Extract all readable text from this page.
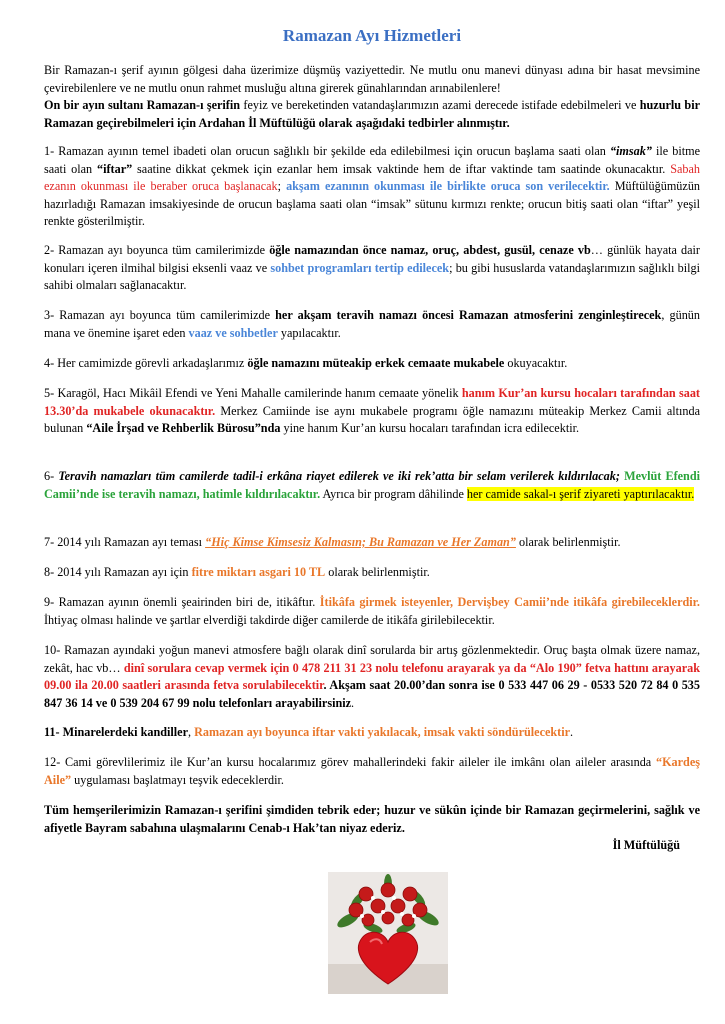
Ramazan Ayı Hizmetleri

Bir Ramazan-ı şerif ayının gölgesi daha üzerimize düşmüş vaziyettedir. Ne mutlu onu manevi dünyası adına bir hasat mevsimine çevirebilenlere ve ne mutlu onun rahmet musluğu altına girerek günahlarından arınabilenlere!

On bir ayın sultanı Ramazan-ı şerifin feyiz ve bereketinden vatandaşlarımızın azami derecede istifade edebilmeleri ve huzurlu bir Ramazan geçirebilmeleri için Ardahan İl Müftülüğü olarak aşağıdaki tedbirler alınmıştır.

1- Ramazan ayının temel ibadeti olan orucun sağlıklı bir şekilde eda edilebilmesi için orucun başlama saati olan “imsak” ile bitme saati olan “iftar” saatine dikkat çekmek için ezanlar hem imsak vaktinde hem de iftar vaktinde tam saatinde okunacaktır. Sabah ezanın okunması ile beraber oruca başlanacak; akşam ezanının okunması ile birlikte oruca son verilecektir. Müftülüğümüzün hazırladığı Ramazan imsakiyesinde de orucun başlama saati olan “imsak” sütunu kırmızı renkte; orucun bitiş saati olan “iftar” yeşil renkte gösterilmiştir.

2- Ramazan ayı boyunca tüm camilerimizde öğle namazından önce namaz, oruç, abdest, gusül, cenaze vb… günlük hayata dair konuları içeren ilmihal bilgisi eksenli vaaz ve sohbet programları tertip edilecek; bu gibi hususlarda vatandaşlarımızın sağlıklı bilgi sahibi olmaları sağlanacaktır.

3- Ramazan ayı boyunca tüm camilerimizde her akşam teravih namazı öncesi Ramazan atmosferini zenginleştirecek, günün mana ve önemine işaret eden vaaz ve sohbetler yapılacaktır.

4- Her camimizde görevli arkadaşlarımız öğle namazını müteakip erkek cemaate mukabele okuyacaktır.

5- Karagöl, Hacı Mikâil Efendi ve Yeni Mahalle camilerinde hanım cemaate yönelik hanım Kur’an kursu hocaları tarafından saat 13.30’da mukabele okunacaktır. Merkez Camiinde ise aynı mukabele programı öğle namazını müteakip Merkez Camii altında bulunan “Aile İrşad ve Rehberlik Bürosu”nda yine hanım Kur’an kursu hocaları tarafından icra edilecektir.

6- Teravih namazları tüm camilerde tadil-i erkâna riayet edilerek ve iki rek’atta bir selam verilerek kıldırılacak; Mevlüt Efendi Camii’nde ise teravih namazı, hatimle kıldırılacaktır. Ayrıca bir program dâhilinde her camide sakal-ı şerif ziyareti yaptırılacaktır.

7- 2014 yılı Ramazan ayı teması “Hiç Kimse Kimsesiz Kalmasın; Bu Ramazan ve Her Zaman” olarak belirlenmiştir.

8- 2014 yılı Ramazan ayı için fitre miktarı asgari 10 TL olarak belirlenmiştir.

9- Ramazan ayının önemli şeairinden biri de, itikâftır. İtikâfa girmek isteyenler, Dervişbey Camii’nde itikâfa girebileceklerdir. İhtiyaç olması halinde ve şartlar elverdiği takdirde diğer camilerde de itikâfa girilebilecektir.

10- Ramazan ayındaki yoğun manevi atmosfere bağlı olarak dinî sorularda bir artış gözlenmektedir. Oruç başta olmak üzere namaz, zekât, hac vb… dinî sorulara cevap vermek için 0 478 211 31 23 nolu telefonu arayarak ya da “Alo 190” fetva hattını arayarak 09.00 ila 20.00 saatleri arasında fetva sorulabilecektir. Akşam saat 20.00’dan sonra ise 0 533 447 06 29 - 0533 520 72 84 0 535 847 36 14 ve 0 539 204 67 99 nolu telefonları arayabilirsiniz.

11- Minarelerdeki kandiller, Ramazan ayı boyunca iftar vakti yakılacak, imsak vakti söndürülecektir.

12- Cami görevlilerimiz ile Kur’an kursu hocalarımız görev mahallerindeki fakir aileler ile imkânı olan aileler arasında “Kardeş Aile” uygulaması başlatmayı teşvik edeceklerdir.

Tüm hemşerilerimizin Ramazan-ı şerifini şimdiden tebrik eder; huzur ve sükûn içinde bir Ramazan geçirmelerini, sağlık ve afiyetle Bayram sabahına ulaşmalarını Cenab-ı Hak’tan niyaz ederiz.

İl Müftülüğü
